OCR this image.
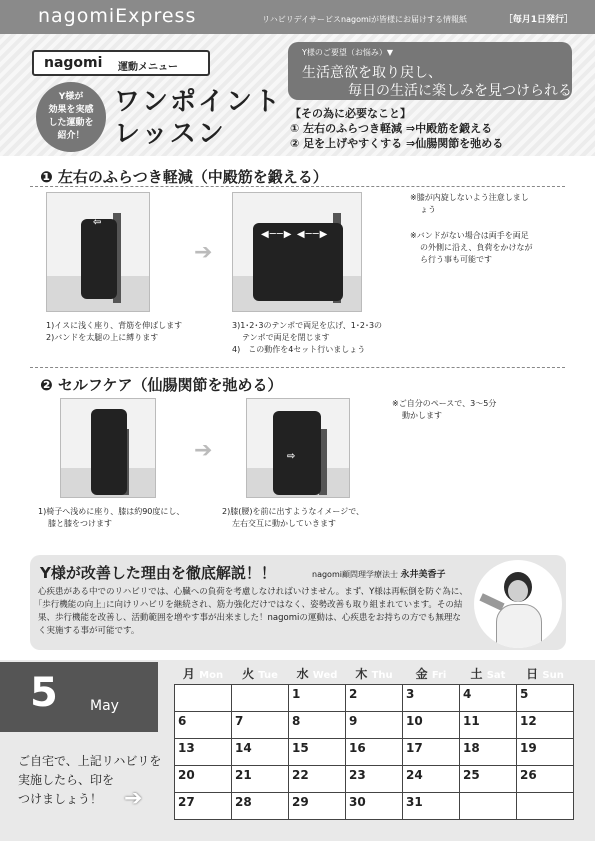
nagomiExpress	リハビリデイサービスnagomiが皆様にお届けする情報紙	［毎月1日発行］
nagomi 運動メニュー
Y様が
効果を実感
した運動を
紹介！
ワンポイント
レッスン
Y様のご要望（お悩み）▼
生活意欲を取り戻し、
毎日の生活に楽しみを見つけられる
【その為に必要なこと】
① 左右のふらつき軽減 ⇒中殿筋を鍛える
② 足を上げやすくする ⇒仙腸関節を弛める
❶ 左右のふらつき軽減（中殿筋を鍛える）
⇦
➔
◀──▶ ◀──▶
1)イスに浅く座り、背筋を伸ばします
2)バンドを太腿の上に縛ります
3)1･2･3のテンポで両足を広げ、1･2･3の
テンポで両足を閉じます
4)　この動作を4セット行いましょう
※膝が内旋しないよう注意しまし
ょう
※バンドがない場合は両手を両足
の外側に沿え、負荷をかけなが
ら行う事も可能です
❷ セルフケア（仙腸関節を弛める）
➔	⇨
1)椅子へ浅めに座り、膝は約90度にし、
膝と膝をつけます
2)膝(腰)を前に出すようなイメージで、
左右交互に動かしていきます
※ご自分のペースで、3～5分
動かします
Y様が改善した理由を徹底解説！！	nagomi顧問理学療法士 永井美香子
心疾患がある中でのリハビリでは、心臓への負荷を考慮しなければいけません。まず、Y様は再転倒を防ぐ為に、｢歩行機能の向上｣に向けリハビリを継続され、筋力強化だけではなく、姿勢改善も取り組まれています。その結果、歩行機能を改善し、活動範囲を増やす事が出来ました！nagomiの運動は、心疾患をお持ちの方でも無理なく実施する事が可能です。
5 May
ご自宅で、上記リハビリを
実施したら、印を
つけましょう！ ➔
月 Mon	火 Tue	水 Wed	木 Thu	金 Fri	土 Sat	日 Sun
		1	2	3	4	5
6	7	8	9	10	11	12
13	14	15	16	17	18	19
20	21	22	23	24	25	26
27	28	29	30	31		
